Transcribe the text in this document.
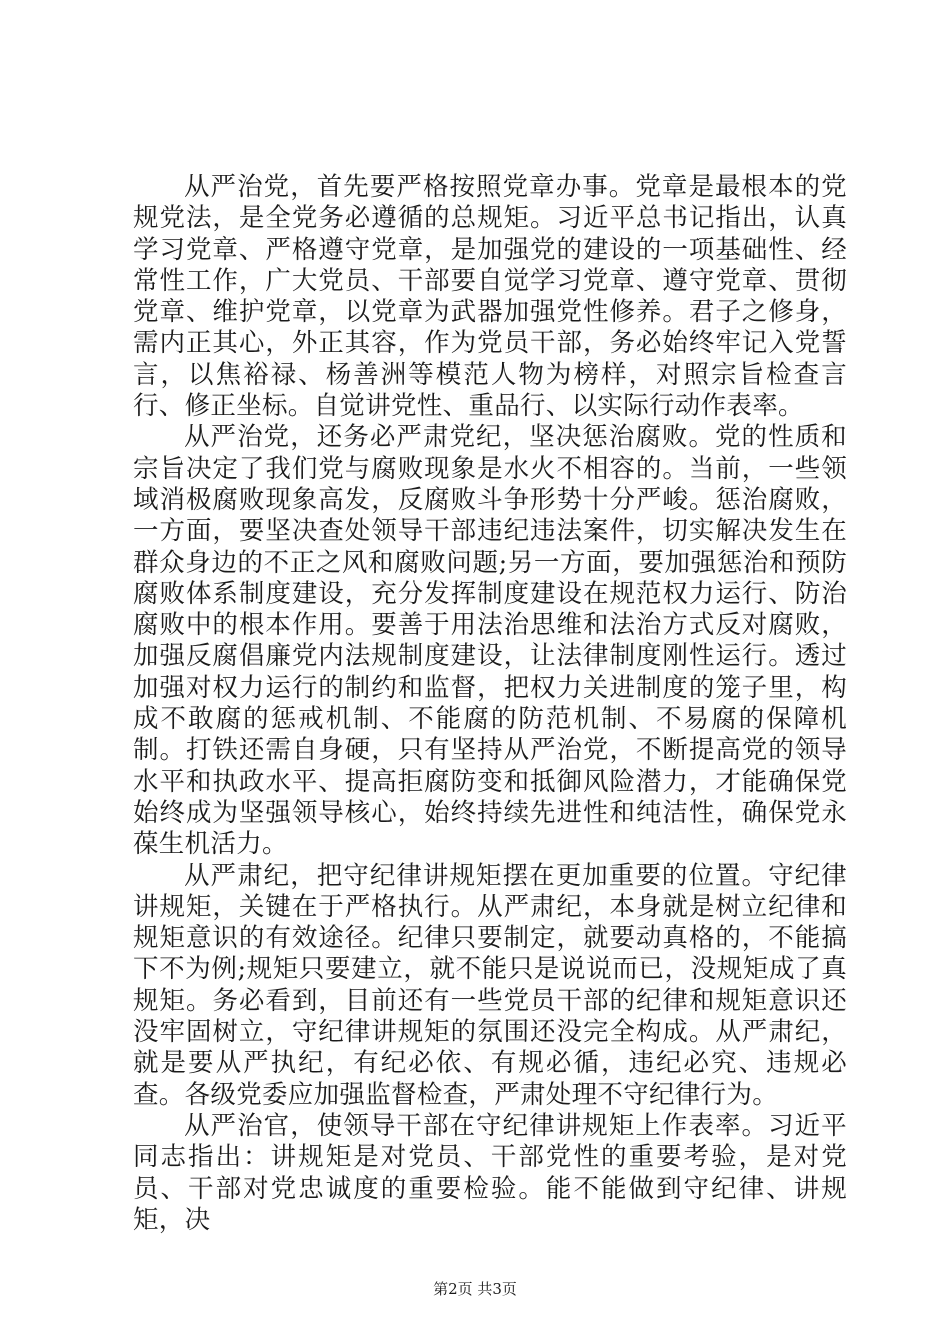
从严治党，首先要严格按照党章办事。党章是最根本的党规党法，是全党务必遵循的总规矩。习近平总书记指出，认真学习党章、严格遵守党章，是加强党的建设的一项基础性、经常性工作，广大党员、干部要自觉学习党章、遵守党章、贯彻党章、维护党章，以党章为武器加强党性修养。君子之修身，需内正其心，外正其容，作为党员干部，务必始终牢记入党誓言，以焦裕禄、杨善洲等模范人物为榜样，对照宗旨检查言行、修正坐标。自觉讲党性、重品行、以实际行动作表率。

从严治党，还务必严肃党纪，坚决惩治腐败。党的性质和宗旨决定了我们党与腐败现象是水火不相容的。当前，一些领域消极腐败现象高发，反腐败斗争形势十分严峻。惩治腐败，一方面，要坚决查处领导干部违纪违法案件，切实解决发生在群众身边的不正之风和腐败问题;另一方面，要加强惩治和预防腐败体系制度建设，充分发挥制度建设在规范权力运行、防治腐败中的根本作用。要善于用法治思维和法治方式反对腐败，加强反腐倡廉党内法规制度建设，让法律制度刚性运行。透过加强对权力运行的制约和监督，把权力关进制度的笼子里，构成不敢腐的惩戒机制、不能腐的防范机制、不易腐的保障机制。打铁还需自身硬，只有坚持从严治党，不断提高党的领导水平和执政水平、提高拒腐防变和抵御风险潜力，才能确保党始终成为坚强领导核心，始终持续先进性和纯洁性，确保党永葆生机活力。

从严肃纪，把守纪律讲规矩摆在更加重要的位置。守纪律讲规矩，关键在于严格执行。从严肃纪，本身就是树立纪律和规矩意识的有效途径。纪律只要制定，就要动真格的，不能搞下不为例;规矩只要建立，就不能只是说说而已，没规矩成了真规矩。务必看到，目前还有一些党员干部的纪律和规矩意识还没牢固树立，守纪律讲规矩的氛围还没完全构成。从严肃纪，就是要从严执纪，有纪必依、有规必循，违纪必究、违规必查。各级党委应加强监督检查，严肃处理不守纪律行为。

从严治官，使领导干部在守纪律讲规矩上作表率。习近平同志指出：讲规矩是对党员、干部党性的重要考验，是对党员、干部对党忠诚度的重要检验。能不能做到守纪律、讲规矩，决

第2页 共3页
